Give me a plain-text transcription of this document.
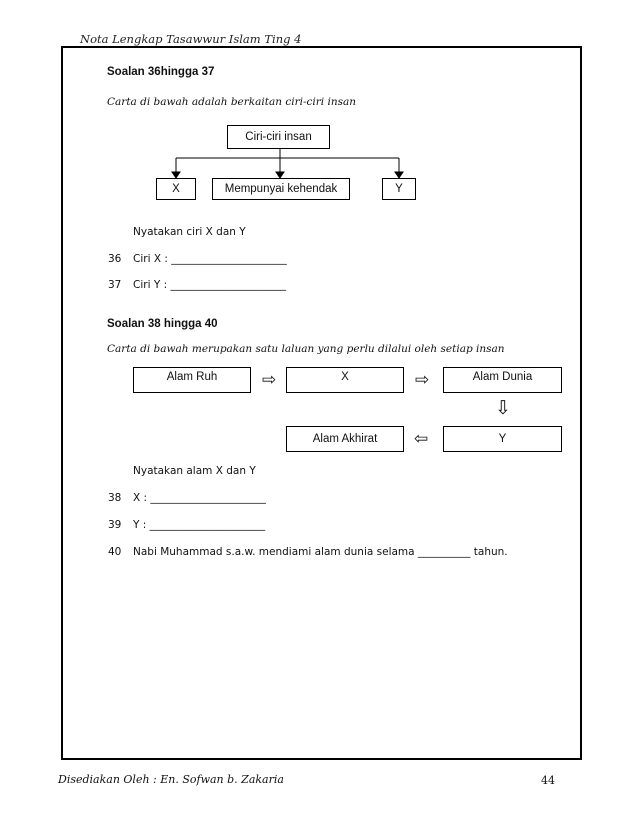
Nota Lengkap Tasawwur Islam Ting 4
Soalan 36hingga 37
Carta di bawah adalah berkaitan ciri-ciri insan
Ciri-ciri insan
X	Mempunyai kehendak	Y
Nyatakan ciri X dan Y
36 Ciri X : ______________________
37 Ciri Y : ______________________
Soalan 38 hingga 40
Carta di bawah merupakan satu laluan yang perlu dilalui oleh setiap insan
Alam Ruh	⇨	X	⇨	Alam Dunia
⇩
Alam Akhirat ⇦	Y
Nyatakan alam X dan Y
38 X : ______________________
39 Y : ______________________
40 Nabi Muhammad s.a.w. mendiami alam dunia selama __________ tahun.
Disediakan Oleh : En. Sofwan b. Zakaria	44
